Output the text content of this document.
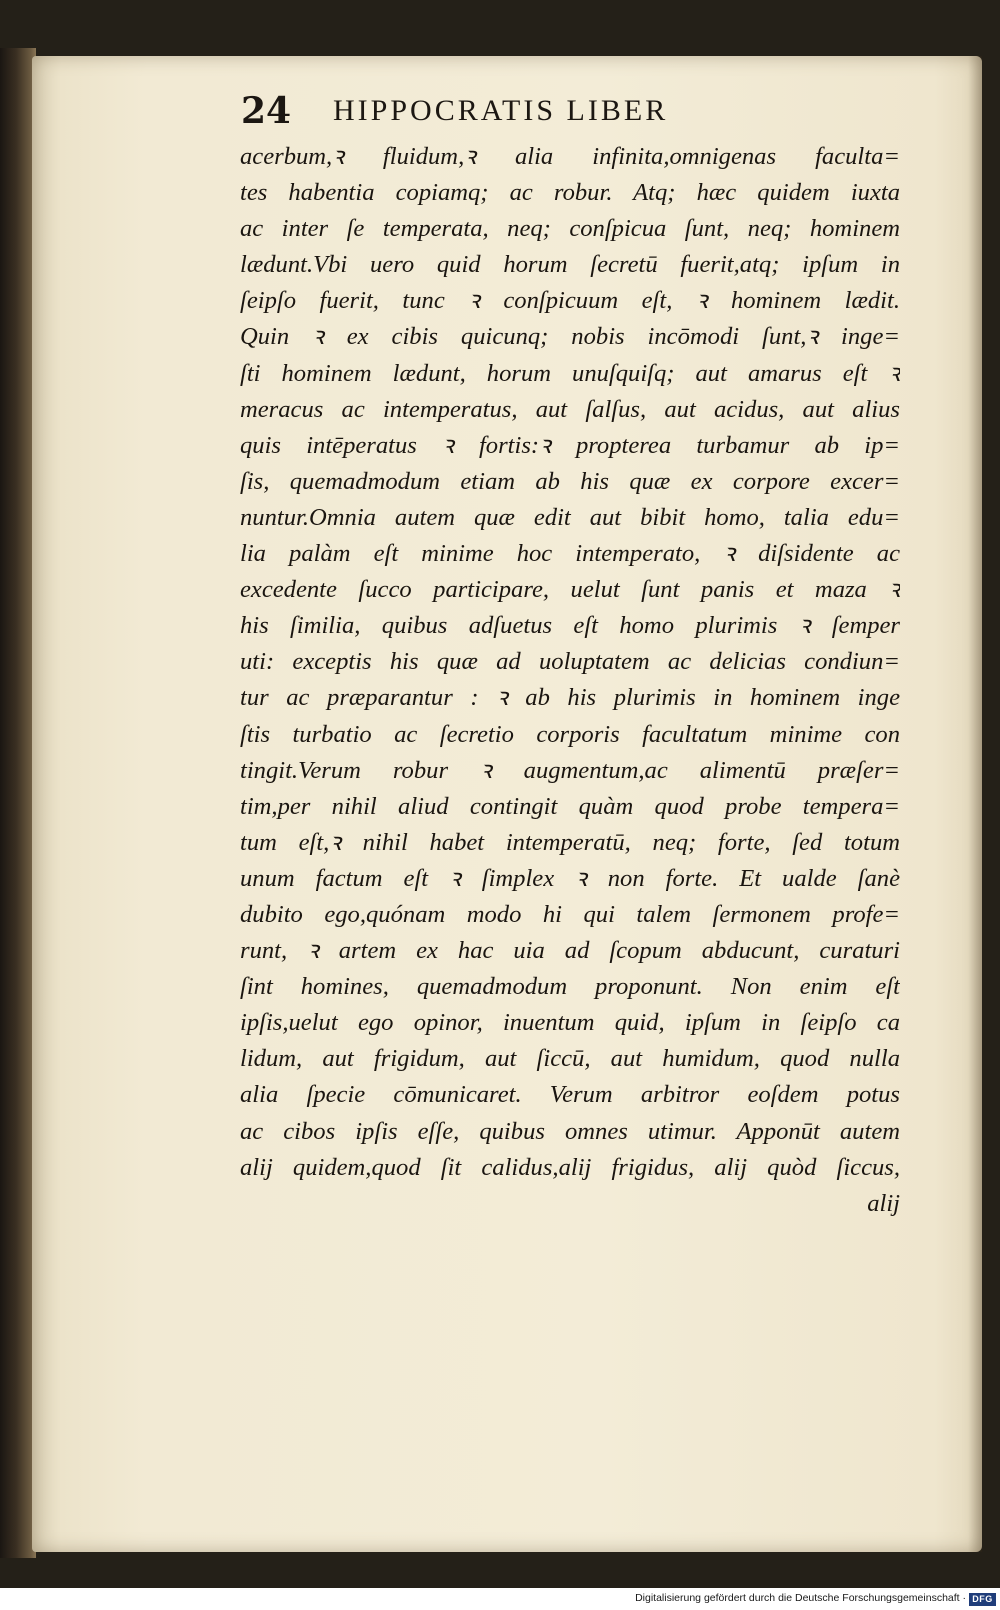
24	HIPPOCRATIS LIBER
acerbum,ꝛ fluidum,ꝛ alia infinita,omnigenas faculta=
tes habentia copiamq; ac robur. Atq; hæc quidem iuxta
ac inter ſe temperata, neq; conſpicua ſunt, neq; hominem
lædunt.Vbi uero quid horum ſecretū fuerit,atq; ipſum in
ſeipſo fuerit, tunc ꝛ conſpicuum eſt, ꝛ hominem lædit.
Quin ꝛ ex cibis quicunq; nobis incōmodi ſunt,ꝛ inge=
ſti hominem lædunt, horum unuſquiſq; aut amarus eſt ꝛ
meracus ac intemperatus, aut ſalſus, aut acidus, aut alius
quis intēperatus ꝛ fortis:ꝛ propterea turbamur ab ip=
ſis, quemadmodum etiam ab his quæ ex corpore excer=
nuntur.Omnia autem quæ edit aut bibit homo, talia edu=
lia palàm eſt minime hoc intemperato, ꝛ diſsidente ac
excedente ſucco participare, uelut ſunt panis et maza ꝛ
his ſimilia, quibus adſuetus eſt homo plurimis ꝛ ſemper
uti: exceptis his quæ ad uoluptatem ac delicias condiun=
tur ac præparantur : ꝛ ab his plurimis in hominem inge
ſtis turbatio ac ſecretio corporis facultatum minime con
tingit.Verum robur ꝛ augmentum,ac alimentū præſer=
tim,per nihil aliud contingit quàm quod probe tempera=
tum eſt,ꝛ nihil habet intemperatū, neq; forte, ſed totum
unum factum eſt ꝛ ſimplex ꝛ non forte. Et ualde ſanè
dubito ego,quónam modo hi qui talem ſermonem profe=
runt, ꝛ artem ex hac uia ad ſcopum abducunt, curaturi
ſint homines, quemadmodum proponunt. Non enim eſt
ipſis,uelut ego opinor, inuentum quid, ipſum in ſeipſo ca
lidum, aut frigidum, aut ſiccū, aut humidum, quod nulla
alia ſpecie cōmunicaret. Verum arbitror eoſdem potus
ac cibos ipſis eſſe, quibus omnes utimur. Apponūt autem
alij quidem,quod ſit calidus,alij frigidus, alij quòd ſiccus,
alij
Digitalisierung gefördert durch die Deutsche Forschungsgemeinschaft · DFG
